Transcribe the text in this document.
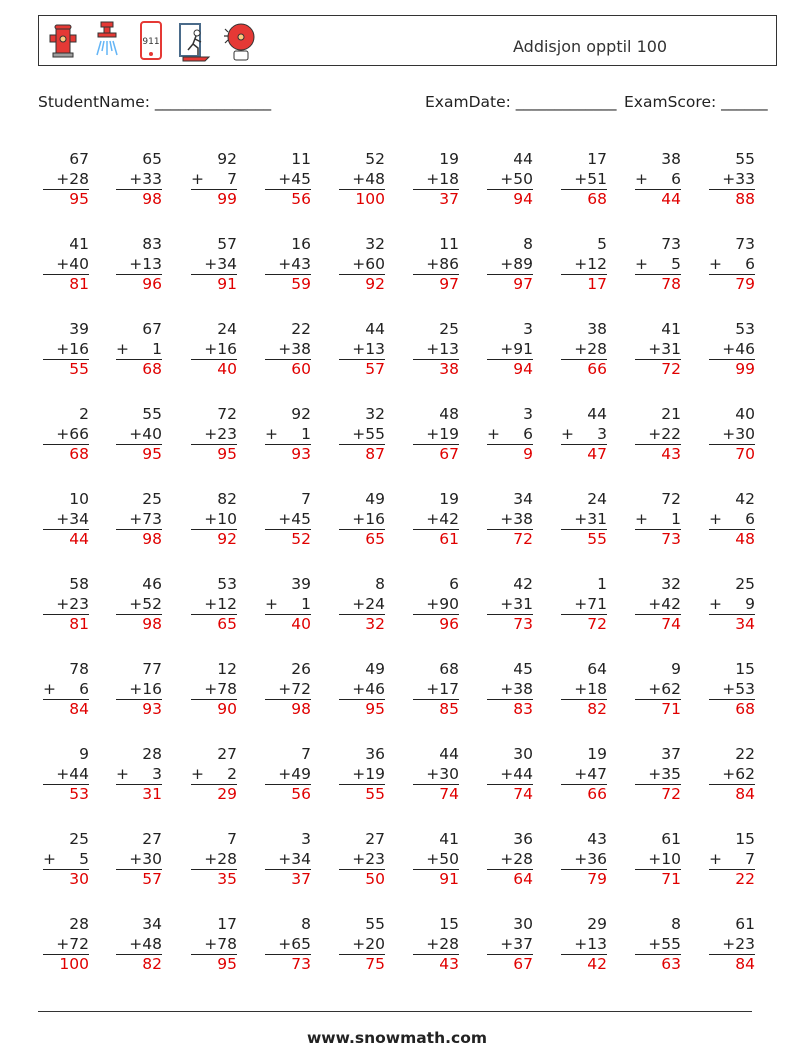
911	Addisjon opptil 100
StudentName: _______________	ExamDate: _____________ ExamScore: ______
67
+28
95
65
+33
98
92
+ 7
99
11
+45
56
52
+48
100
19
+18
37
44
+50
94
17
+51
68
38
+ 6
44
55
+33
88
41
+40
81
83
+13
96
57
+34
91
16
+43
59
32
+60
92
11
+86
97
8
+89
97
5
+12
17
73
+ 5
78
73
+ 6
79
39
+16
55
67
+ 1
68
24
+16
40
22
+38
60
44
+13
57
25
+13
38
3
+91
94
38
+28
66
41
+31
72
53
+46
99
2
+66
68
55
+40
95
72
+23
95
92
+ 1
93
32
+55
87
48
+19
67
3
+ 6
9
44
+ 3
47
21
+22
43
40
+30
70
10
+34
44
25
+73
98
82
+10
92
7
+45
52
49
+16
65
19
+42
61
34
+38
72
24
+31
55
72
+ 1
73
42
+ 6
48
58
+23
81
46
+52
98
53
+12
65
39
+ 1
40
8
+24
32
6
+90
96
42
+31
73
1
+71
72
32
+42
74
25
+ 9
34
78
+ 6
84
77
+16
93
12
+78
90
26
+72
98
49
+46
95
68
+17
85
45
+38
83
64
+18
82
9
+62
71
15
+53
68
9
+44
53
28
+ 3
31
27
+ 2
29
7
+49
56
36
+19
55
44
+30
74
30
+44
74
19
+47
66
37
+35
72
22
+62
84
25
+ 5
30
27
+30
57
7
+28
35
3
+34
37
27
+23
50
41
+50
91
36
+28
64
43
+36
79
61
+10
71
15
+ 7
22
28
+72
100
34
+48
82
17
+78
95
8
+65
73
55
+20
75
15
+28
43
30
+37
67
29
+13
42
8
+55
63
61
+23
84
www.snowmath.com
